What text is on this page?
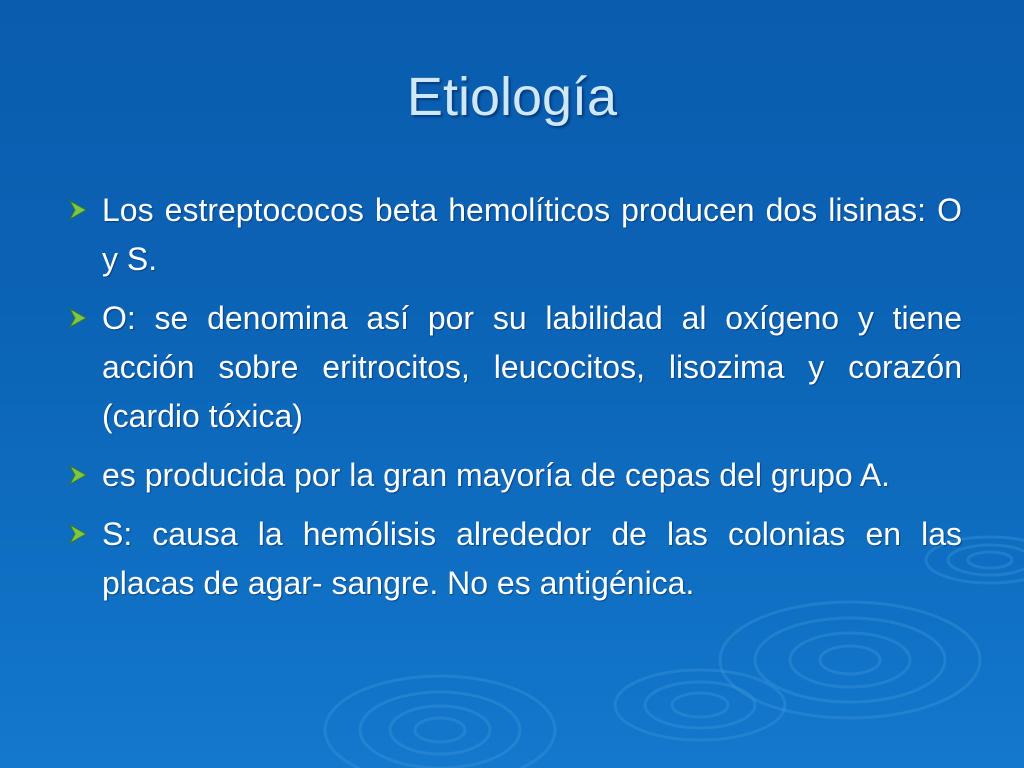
Etiología
Los estreptococos beta hemolíticos producen dos lisinas: O y S.
O: se denomina así por su labilidad al oxígeno y tiene acción sobre eritrocitos, leucocitos, lisozima y corazón (cardio tóxica)
es producida por la gran mayoría de cepas del grupo A.
S: causa la hemólisis alrededor de las colonias en las placas de agar- sangre. No es antigénica.
